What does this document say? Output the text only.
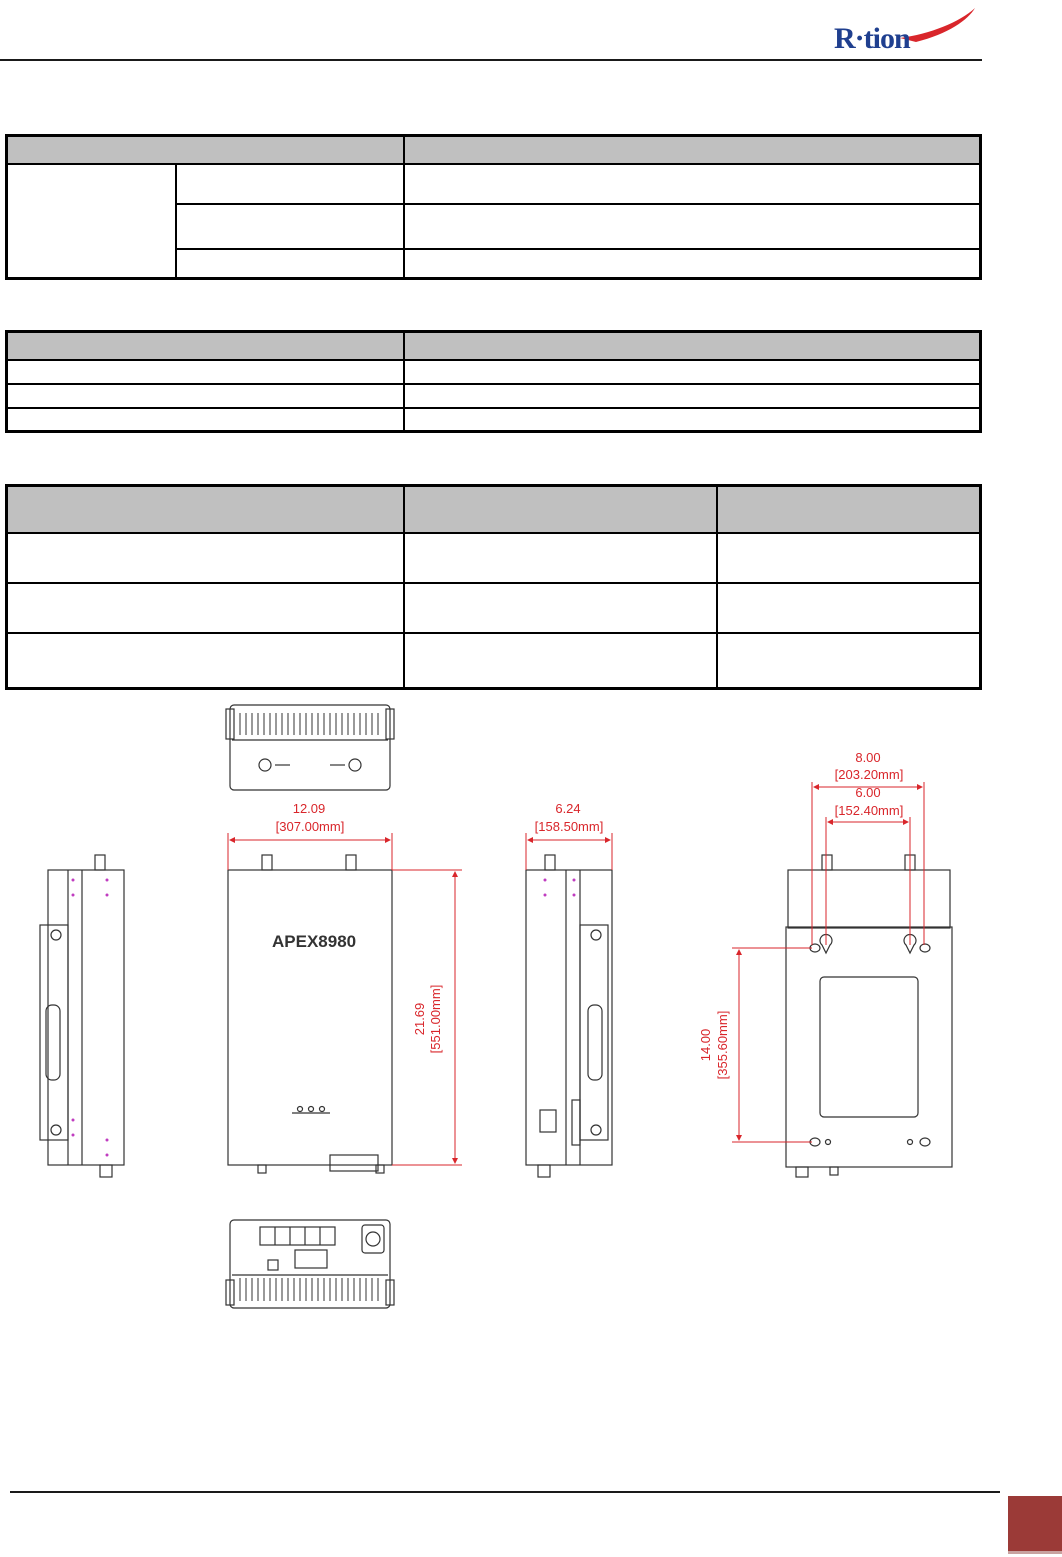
R·tion

APEX8980
12.09
[307.00mm]
21.69 [551.00mm]
6.24
[158.50mm]
8.00
[203.20mm]
6.00
[152.40mm]
14.00 [355.60mm]
